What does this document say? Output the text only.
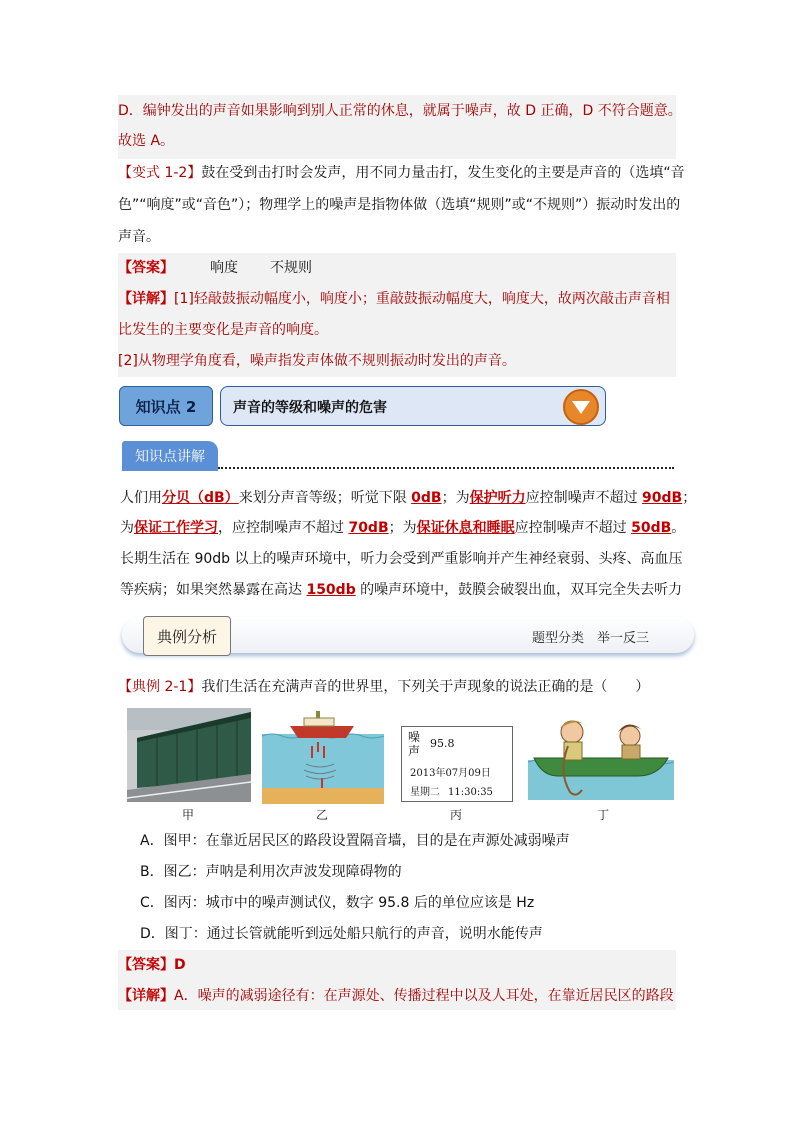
D．编钟发出的声音如果影响到别人正常的休息，就属于噪声，故 D 正确，D 不符合题意。
故选 A。
【变式 1-2】鼓在受到击打时会发声，用不同力量击打，发生变化的主要是声音的（选填“音
色”“响度”或“音色”）；物理学上的噪声是指物体做（选填“规则”或“不规则”）振动时发出的
声音。
【答案】	响度 不规则
【详解】[1]轻敲鼓振动幅度小，响度小；重敲鼓振动幅度大，响度大，故两次敲击声音相
比发生的主要变化是声音的响度。
[2]从物理学角度看，噪声指发声体做不规则振动时发出的声音。
知识点 2	声音的等级和噪声的危害
知识点讲解
人们用分贝（dB）来划分声音等级；听觉下限 0dB；为保护听力应控制噪声不超过 90dB；
为保证工作学习，应控制噪声不超过 70dB；为保证休息和睡眠应控制噪声不超过 50dB。
长期生活在 90db 以上的噪声环境中，听力会受到严重影响并产生神经衰弱、头疼、高血压
等疾病；如果突然暴露在高达 150db 的噪声环境中，鼓膜会破裂出血，双耳完全失去听力
典例分析	题型分类　举一反三
【典例 2-1】我们生活在充满声音的世界里，下列关于声现象的说法正确的是（　　）
甲	乙
噪
声
95.8
2013年07月09日
星期二 11:30:35
丙	丁
A．图甲：在靠近居民区的路段设置隔音墙，目的是在声源处减弱噪声
B．图乙：声呐是利用次声波发现障碍物的
C．图丙：城市中的噪声测试仪，数字 95.8 后的单位应该是 Hz
D．图丁：通过长管就能听到远处船只航行的声音，说明水能传声
【答案】D
【详解】A．噪声的减弱途径有：在声源处、传播过程中以及人耳处，在靠近居民区的路段
